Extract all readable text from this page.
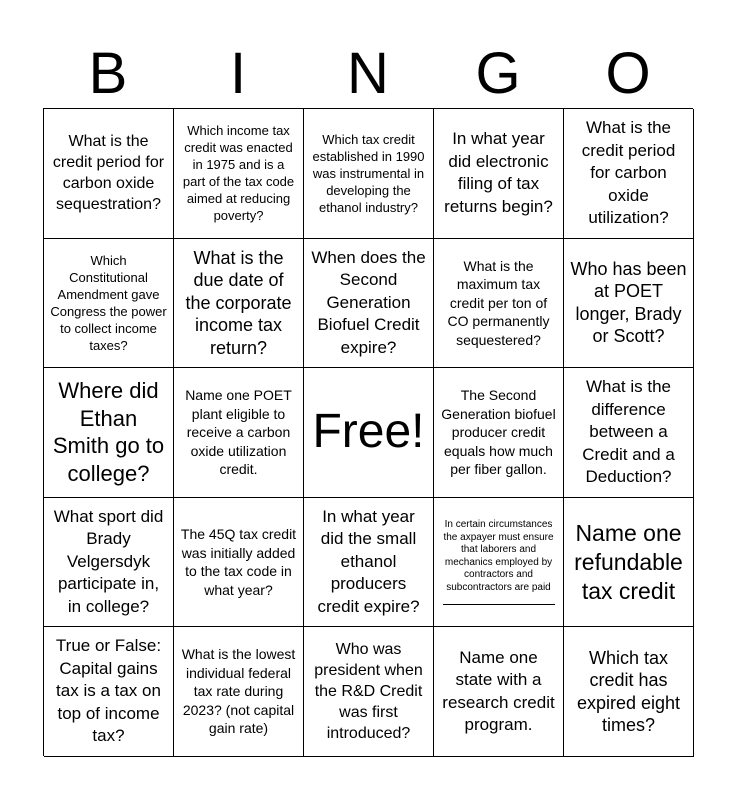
B	I	N	G	O
What is the credit period for carbon oxide sequestration?
Which income tax credit was enacted in 1975 and is a part of the tax code aimed at reducing poverty?
Which tax credit established in 1990 was instrumental in developing the ethanol industry?
In what year did electronic filing of tax returns begin?
What is the credit period for carbon oxide utilization?
Which Constitutional Amendment gave Congress the power to collect income taxes?
What is the due date of the corporate income tax return?
When does the Second Generation Biofuel Credit expire?
What is the maximum tax credit per ton of CO permanently sequestered?
Who has been at POET longer, Brady or Scott?
Where did Ethan Smith go to college?
Name one POET plant eligible to receive a carbon oxide utilization credit.
Free!
The Second Generation biofuel producer credit equals how much per fiber gallon.
What is the difference between a Credit and a Deduction?
What sport did Brady Velgersdyk participate in, in college?
The 45Q tax credit was initially added to the tax code in what year?
In what year did the small ethanol producers credit expire?
In certain circumstances the axpayer must ensure that laborers and mechanics employed by contractors and subcontractors are paid
Name one refundable tax credit
True or False: Capital gains tax is a tax on top of income tax?
What is the lowest individual federal tax rate during 2023? (not capital gain rate)
Who was president when the R&D Credit was first introduced?
Name one state with a research credit program.
Which tax credit has expired eight times?
